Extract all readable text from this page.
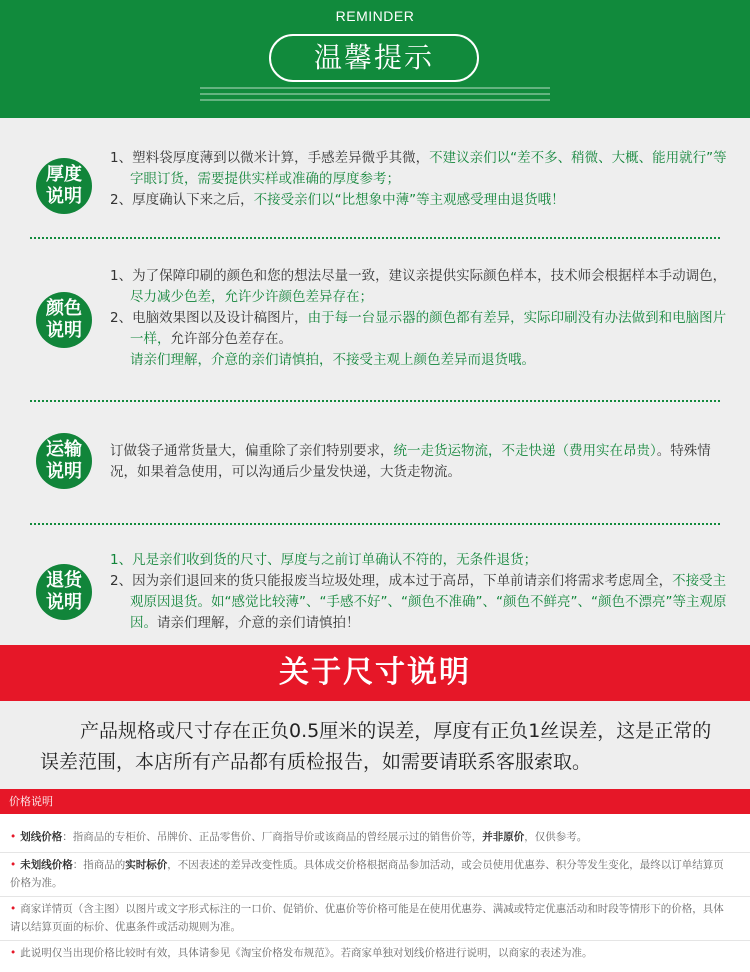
REMINDER
温馨提示
厚度
说明
1、塑料袋厚度薄到以微米计算，手感差异微乎其微，不建议亲们以“差不多、稍微、大概、能用就行”等字眼订货，需要提供实样或准确的厚度参考；
2、厚度确认下来之后，不接受亲们以“比想象中薄”等主观感受理由退货哦！
颜色
说明
1、为了保障印刷的颜色和您的想法尽量一致，建议亲提供实际颜色样本，技术师会根据样本手动调色，尽力减少色差，允许少许颜色差异存在；
2、电脑效果图以及设计稿图片，由于每一台显示器的颜色都有差异，实际印刷没有办法做到和电脑图片一样，允许部分色差存在。
请亲们理解，介意的亲们请慎拍，不接受主观上颜色差异而退货哦。
运输
说明
订做袋子通常货量大，偏重除了亲们特别要求，统一走货运物流，不走快递（费用实在昂贵）。特殊情况，如果着急使用，可以沟通后少量发快递，大货走物流。
退货
说明
1、凡是亲们收到货的尺寸、厚度与之前订单确认不符的，无条件退货；
2、因为亲们退回来的货只能报废当垃圾处理，成本过于高昂，下单前请亲们将需求考虑周全，不接受主观原因退货。如“感觉比较薄”、“手感不好”、“颜色不准确”、“颜色不鲜亮”、“颜色不漂亮”等主观原因。请亲们理解，介意的亲们请慎拍！
关于尺寸说明
产品规格或尺寸存在正负0.5厘米的误差，厚度有正负1丝误差，这是正常的误差范围，本店所有产品都有质检报告，如需要请联系客服索取。
价格说明
• 划线价格：指商品的专柜价、吊牌价、正品零售价、厂商指导价或该商品的曾经展示过的销售价等，并非原价，仅供参考。
• 未划线价格：指商品的实时标价，不因表述的差异改变性质。具体成交价格根据商品参加活动，或会员使用优惠券、积分等发生变化，最终以订单结算页价格为准。
• 商家详情页（含主图）以图片或文字形式标注的一口价、促销价、优惠价等价格可能是在使用优惠券、满减或特定优惠活动和时段等情形下的价格，具体请以结算页面的标价、优惠条件或活动规则为准。
• 此说明仅当出现价格比较时有效，具体请参见《淘宝价格发布规范》。若商家单独对划线价格进行说明，以商家的表述为准。
